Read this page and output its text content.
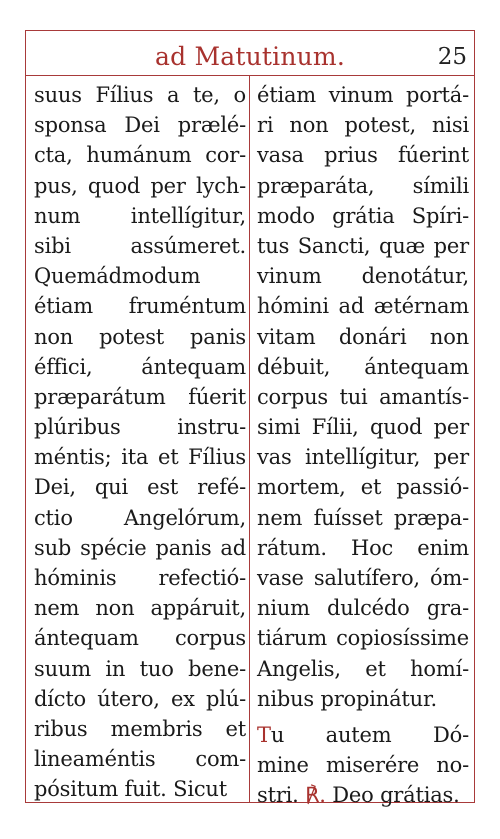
ad Matutinum.	25
suus Fílius a te, o
sponsa Dei prælé-
cta, humánum cor-
pus, quod per lych-
num intellígitur,
sibi assúmeret.
Quemádmodum
étiam fruméntum
non potest panis
éffici, ántequam
præparátum fúerit
plúribus instru-
méntis; ita et Fílius
Dei, qui est refé-
ctio Angelórum,
sub spécie panis ad
hóminis refectió-
nem non appáruit,
ántequam corpus
suum in tuo bene-
dícto útero, ex plú-
ribus membris et
lineaméntis com-
pósitum fuit. Sicut
étiam vinum portá-
ri non potest, nisi
vasa prius fúerint
præparáta, símili
modo grátia Spíri-
tus Sancti, quæ per
vinum denotátur,
hómini ad ætérnam
vitam donári non
débuit, ántequam
corpus tui amantís-
simi Fílii, quod per
vas intellígitur, per
mortem, et passió-
nem fuísset præpa-
rátum. Hoc enim
vase salutífero, óm-
nium dulcédo gra-
tiárum copiosíssime
Angelis, et homí-
nibus propinátur.
Tu autem Dó-
mine miserére no-
stri. ℟. Deo grátias.
